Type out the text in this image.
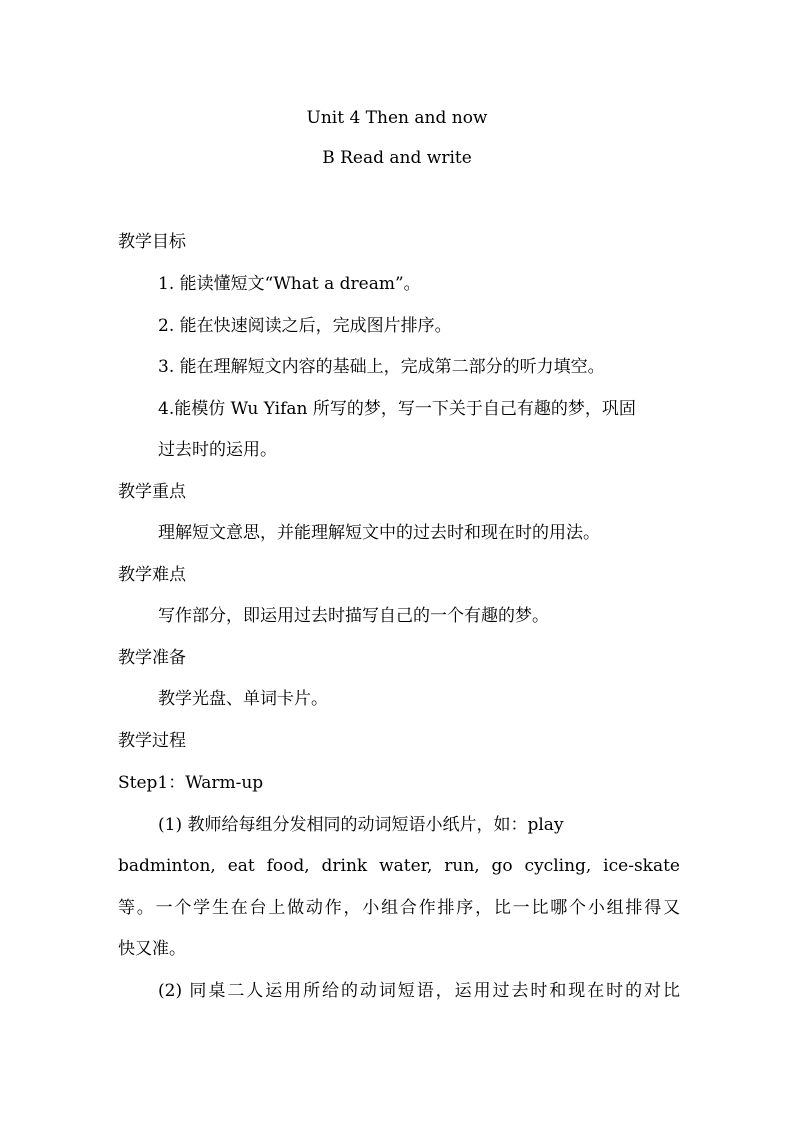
Unit 4 Then and now
B Read and write
教学目标
1. 能读懂短文“What a dream”。
2. 能在快速阅读之后，完成图片排序。
3. 能在理解短文内容的基础上，完成第二部分的听力填空。
4.能模仿 Wu Yifan 所写的梦，写一下关于自己有趣的梦，巩固
过去时的运用。
教学重点
理解短文意思，并能理解短文中的过去时和现在时的用法。
教学难点
写作部分，即运用过去时描写自己的一个有趣的梦。
教学准备
教学光盘、单词卡片。
教学过程
Step1：Warm-up
(1) 教师给每组分发相同的动词短语小纸片，如：play
badminton, eat food, drink water, run, go cycling, ice-skate
等。一个学生在台上做动作，小组合作排序，比一比哪个小组排得又
快又准。
(2) 同桌二人运用所给的动词短语，运用过去时和现在时的对比
